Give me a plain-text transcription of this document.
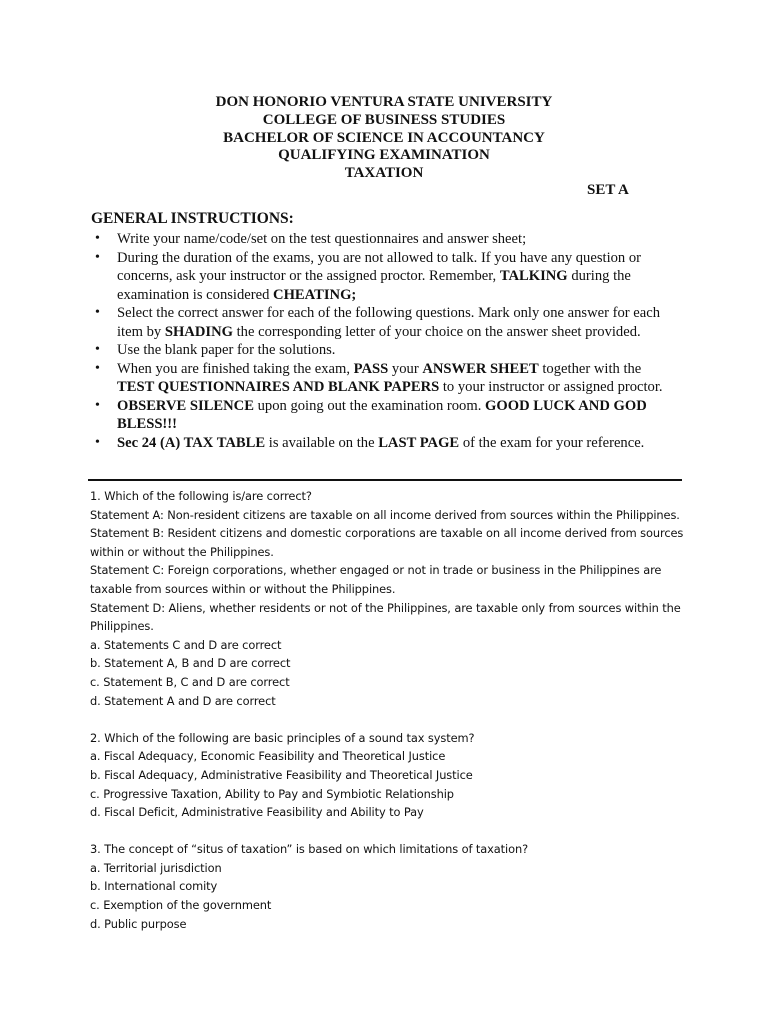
DON HONORIO VENTURA STATE UNIVERSITY
COLLEGE OF BUSINESS STUDIES
BACHELOR OF SCIENCE IN ACCOUNTANCY
QUALIFYING EXAMINATION
TAXATION
SET A
GENERAL INSTRUCTIONS:
• Write your name/code/set on the test questionnaires and answer sheet;
• During the duration of the exams, you are not allowed to talk. If you have any question or concerns, ask your instructor or the assigned proctor. Remember, TALKING during the examination is considered CHEATING;
• Select the correct answer for each of the following questions. Mark only one answer for each item by SHADING the corresponding letter of your choice on the answer sheet provided.
• Use the blank paper for the solutions.
• When you are finished taking the exam, PASS your ANSWER SHEET together with the TEST QUESTIONNAIRES AND BLANK PAPERS to your instructor or assigned proctor.
• OBSERVE SILENCE upon going out the examination room. GOOD LUCK AND GOD BLESS!!!
• Sec 24 (A) TAX TABLE is available on the LAST PAGE of the exam for your reference.

1. Which of the following is/are correct?

Statement A: Non-resident citizens are taxable on all income derived from sources within the Philippines.

Statement B: Resident citizens and domestic corporations are taxable on all income derived from sources within or without the Philippines.

Statement C: Foreign corporations, whether engaged or not in trade or business in the Philippines are taxable from sources within or without the Philippines.

Statement D: Aliens, whether residents or not of the Philippines, are taxable only from sources within the Philippines.

a. Statements C and D are correct

b. Statement A, B and D are correct

c. Statement B, C and D are correct

d. Statement A and D are correct

2. Which of the following are basic principles of a sound tax system?

a. Fiscal Adequacy, Economic Feasibility and Theoretical Justice

b. Fiscal Adequacy, Administrative Feasibility and Theoretical Justice

c. Progressive Taxation, Ability to Pay and Symbiotic Relationship

d. Fiscal Deficit, Administrative Feasibility and Ability to Pay

3. The concept of “situs of taxation” is based on which limitations of taxation?

a. Territorial jurisdiction

b. International comity

c. Exemption of the government

d. Public purpose
